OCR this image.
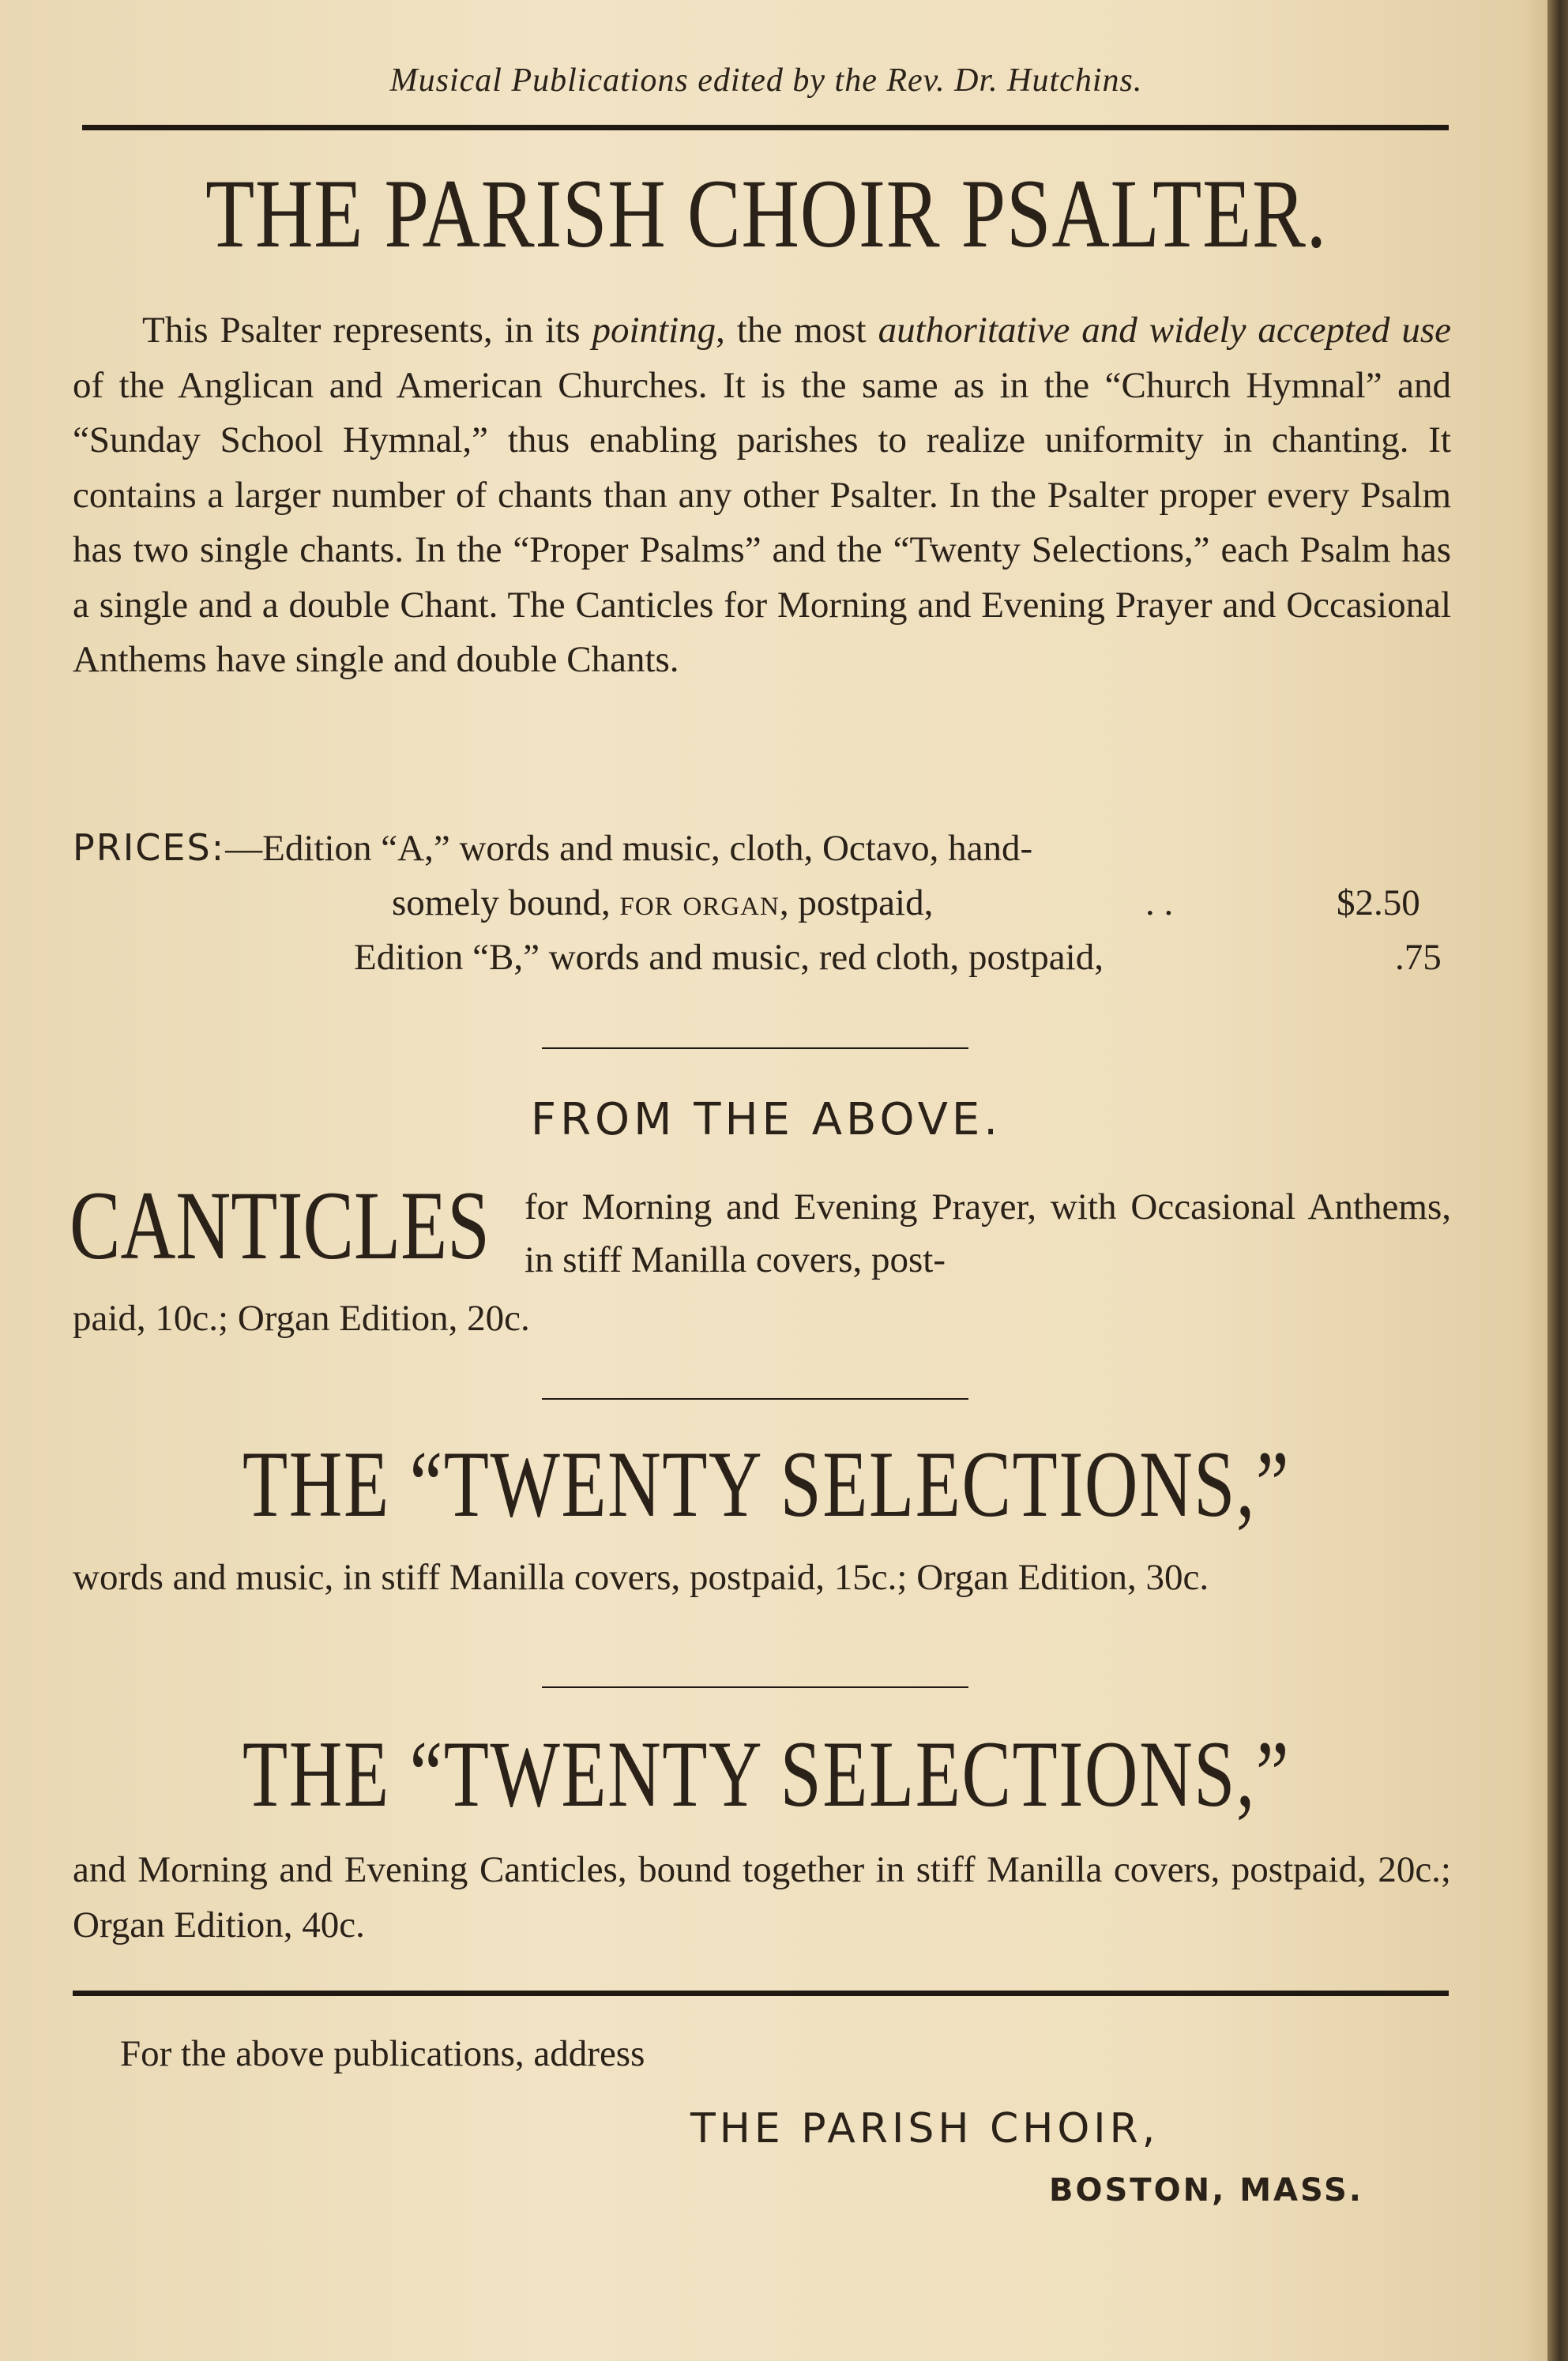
Musical Publications edited by the Rev. Dr. Hutchins.
THE PARISH CHOIR PSALTER.
This Psalter represents, in its pointing, the most authoritative and widely accepted use of the Anglican and American Churches. It is the same as in the “Church Hymnal” and “Sunday School Hymnal,” thus enabling parishes to realize uniformity in chanting. It contains a larger number of chants than any other Psalter. In the Psalter proper every Psalm has two single chants. In the “Proper Psalms” and the “Twenty Selections,” each Psalm has a single and a double Chant. The Canticles for Morning and Evening Prayer and Occasional Anthems have single and double Chants.
PRICES:—Edition “A,” words and music, cloth, Octavo, hand-
somely bound, for organ, postpaid,	. .	$2.50
Edition “B,” words and music, red cloth, postpaid,	.75
FROM THE ABOVE.
CANTICLES for Morning and Evening Prayer, with Occasional Anthems, in stiff Manilla covers, post-
paid, 10c.; Organ Edition, 20c.
THE “TWENTY SELECTIONS,”
words and music, in stiff Manilla covers, postpaid, 15c.; Organ Edition, 30c.
THE “TWENTY SELECTIONS,”
and Morning and Evening Canticles, bound together in stiff Manilla covers, postpaid, 20c.; Organ Edition, 40c.
For the above publications, address
THE PARISH CHOIR,
BOSTON, MASS.
